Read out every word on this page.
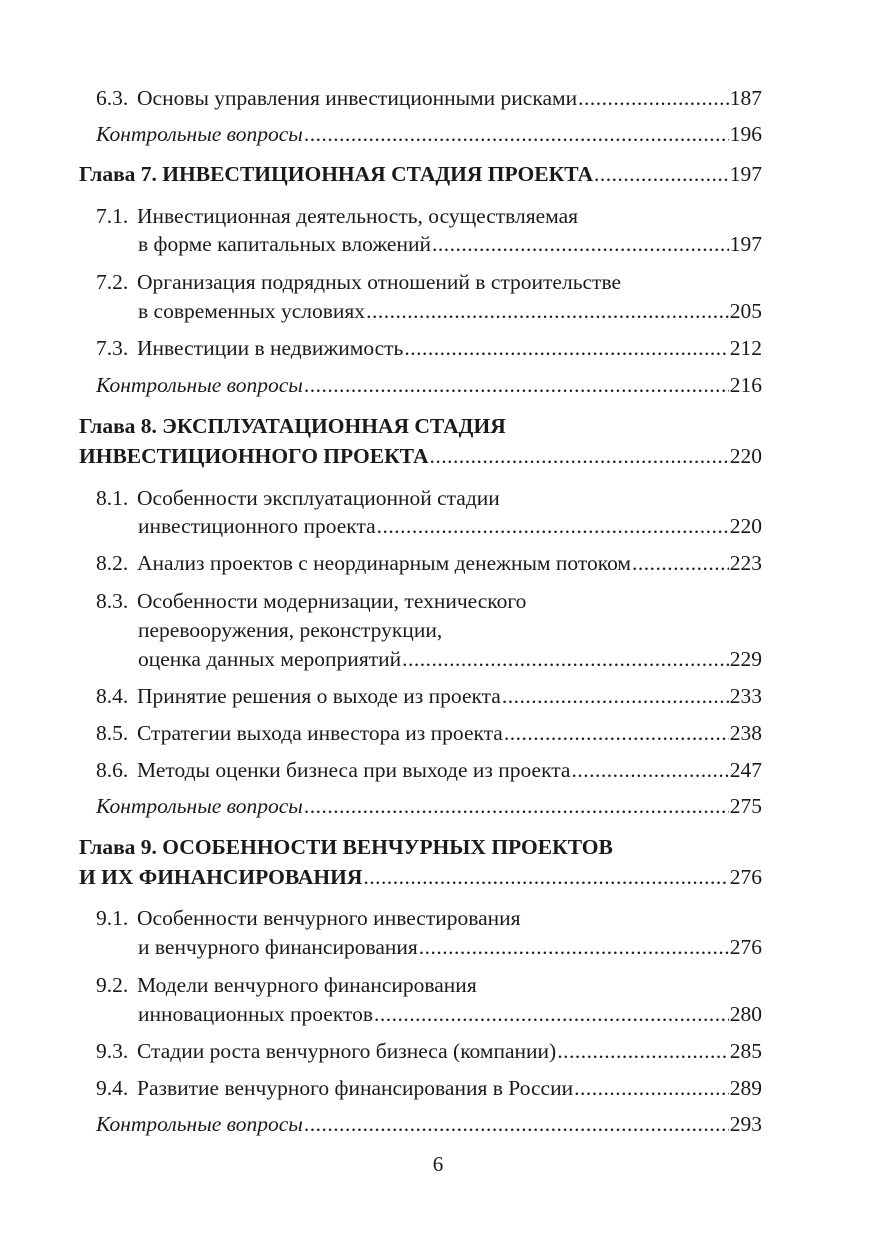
6.3. Основы управления инвестиционными рисками .....	187
Контрольные вопросы .....	196
Глава 7. ИНВЕСТИЦИОННАЯ СТАДИЯ ПРОЕКТА .....	197
7.1. Инвестиционная деятельность, осуществляемая
в форме капитальных вложений .....	197
7.2. Организация подрядных отношений в строительстве
в современных условиях .....	205
7.3. Инвестиции в недвижимость .....	212
Контрольные вопросы .....	216
Глава 8. ЭКСПЛУАТАЦИОННАЯ СТАДИЯ
ИНВЕСТИЦИОННОГО ПРОЕКТА .....	220
8.1. Особенности эксплуатационной стадии
инвестиционного проекта .....	220
8.2. Анализ проектов с неординарным денежным потоком .....	223
8.3. Особенности модернизации, технического
перевооружения, реконструкции,
оценка данных мероприятий .....	229
8.4. Принятие решения о выходе из проекта .....	233
8.5. Стратегии выхода инвестора из проекта .....	238
8.6. Методы оценки бизнеса при выходе из проекта .....	247
Контрольные вопросы .....	275
Глава 9. ОСОБЕННОСТИ ВЕНЧУРНЫХ ПРОЕКТОВ
И ИХ ФИНАНСИРОВАНИЯ .....	276
9.1. Особенности венчурного инвестирования
и венчурного финансирования .....	276
9.2. Модели венчурного финансирования
инновационных проектов .....	280
9.3. Стадии роста венчурного бизнеса (компании) .....	285
9.4. Развитие венчурного финансирования в России .....	289
Контрольные вопросы .....	293
6
